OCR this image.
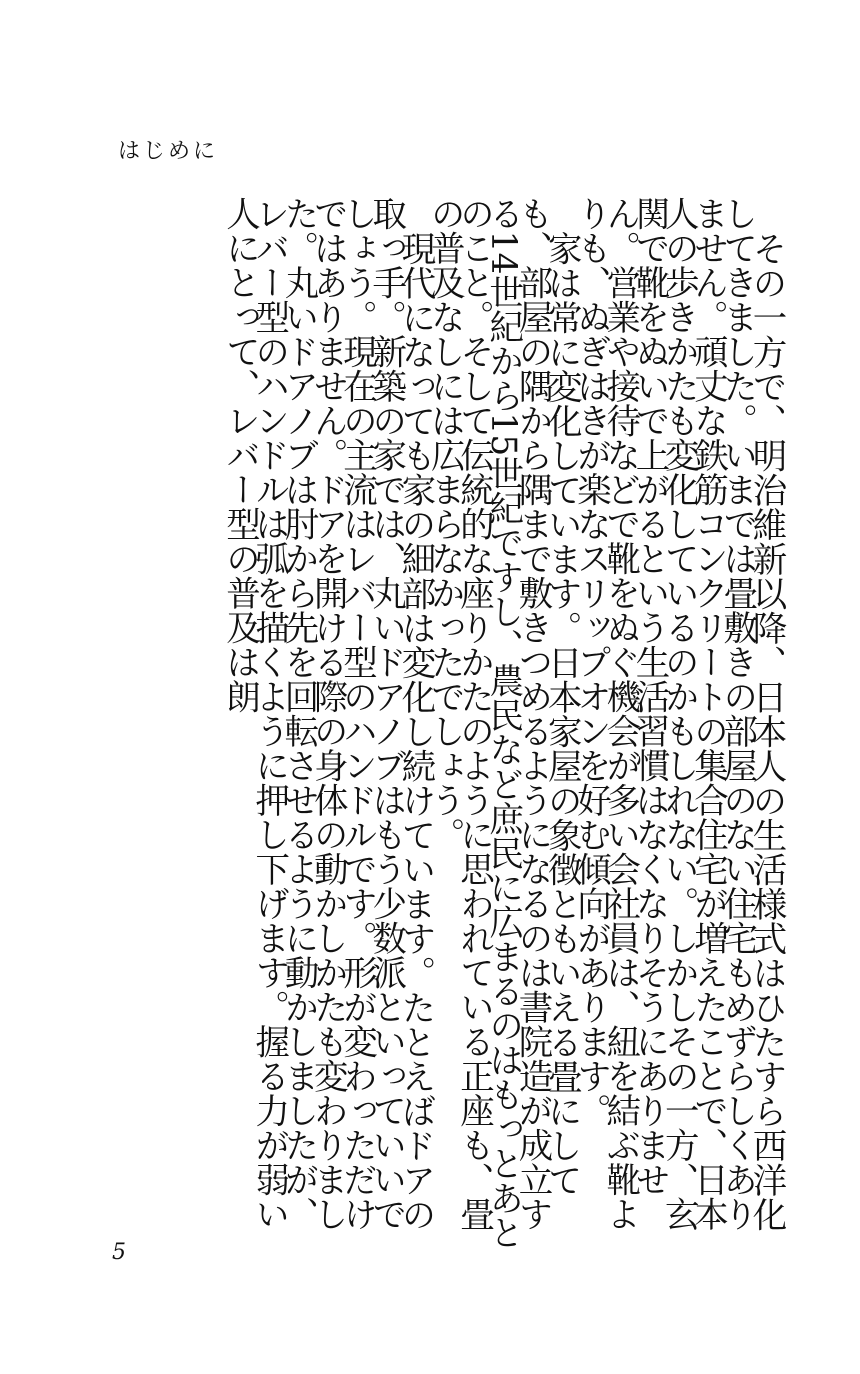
はじめに

その一方で、明治維新以降、日本人の生活様式はひたすら西洋化してきました。いまでは畳敷きの部屋のない住宅もめずらしくありません。頑丈な鉄筋コンクリートの集合住宅が増えたことで、日本人の歩きかたも変化しているのかもしれない。しかしその一方、玄関で靴をぬいで上がるという生活習慣はなくなりそうにありません。営業や接待などで靴をぬぐ機会が多い会社員は、紐を結ぶ靴よりも、ぬぎはきが楽なスリップオンを好む傾向があります。

家は常に変化しています。日本家屋の象徴ともいえる畳にしても、部屋の隅から隅まで敷きつめるようになるのは書院造が成立する14世紀から15世紀ですし、農民など庶民に広まるのはもっとあとのこと。そして伝統的な座りかたのように思われている正座も、畳の普及なしには広まらなかったでしょう。

現代になっても家の細部は変化し続けています。たとえばドアの取っ手。新築の家では、丸いドアノブはもう少数派といっていいでしょう。現在の主流はレバー型のハンドルです。形が変わっただけではありません。ドアを開ける際の身体の動かしかたも変わりました。丸いドアノブは肘から先を回転させるように動かしましたが、レバー型のハンドルは弧を描くように押し下げます。握る力が弱い人にとって、レバー型の普及は朗

5
